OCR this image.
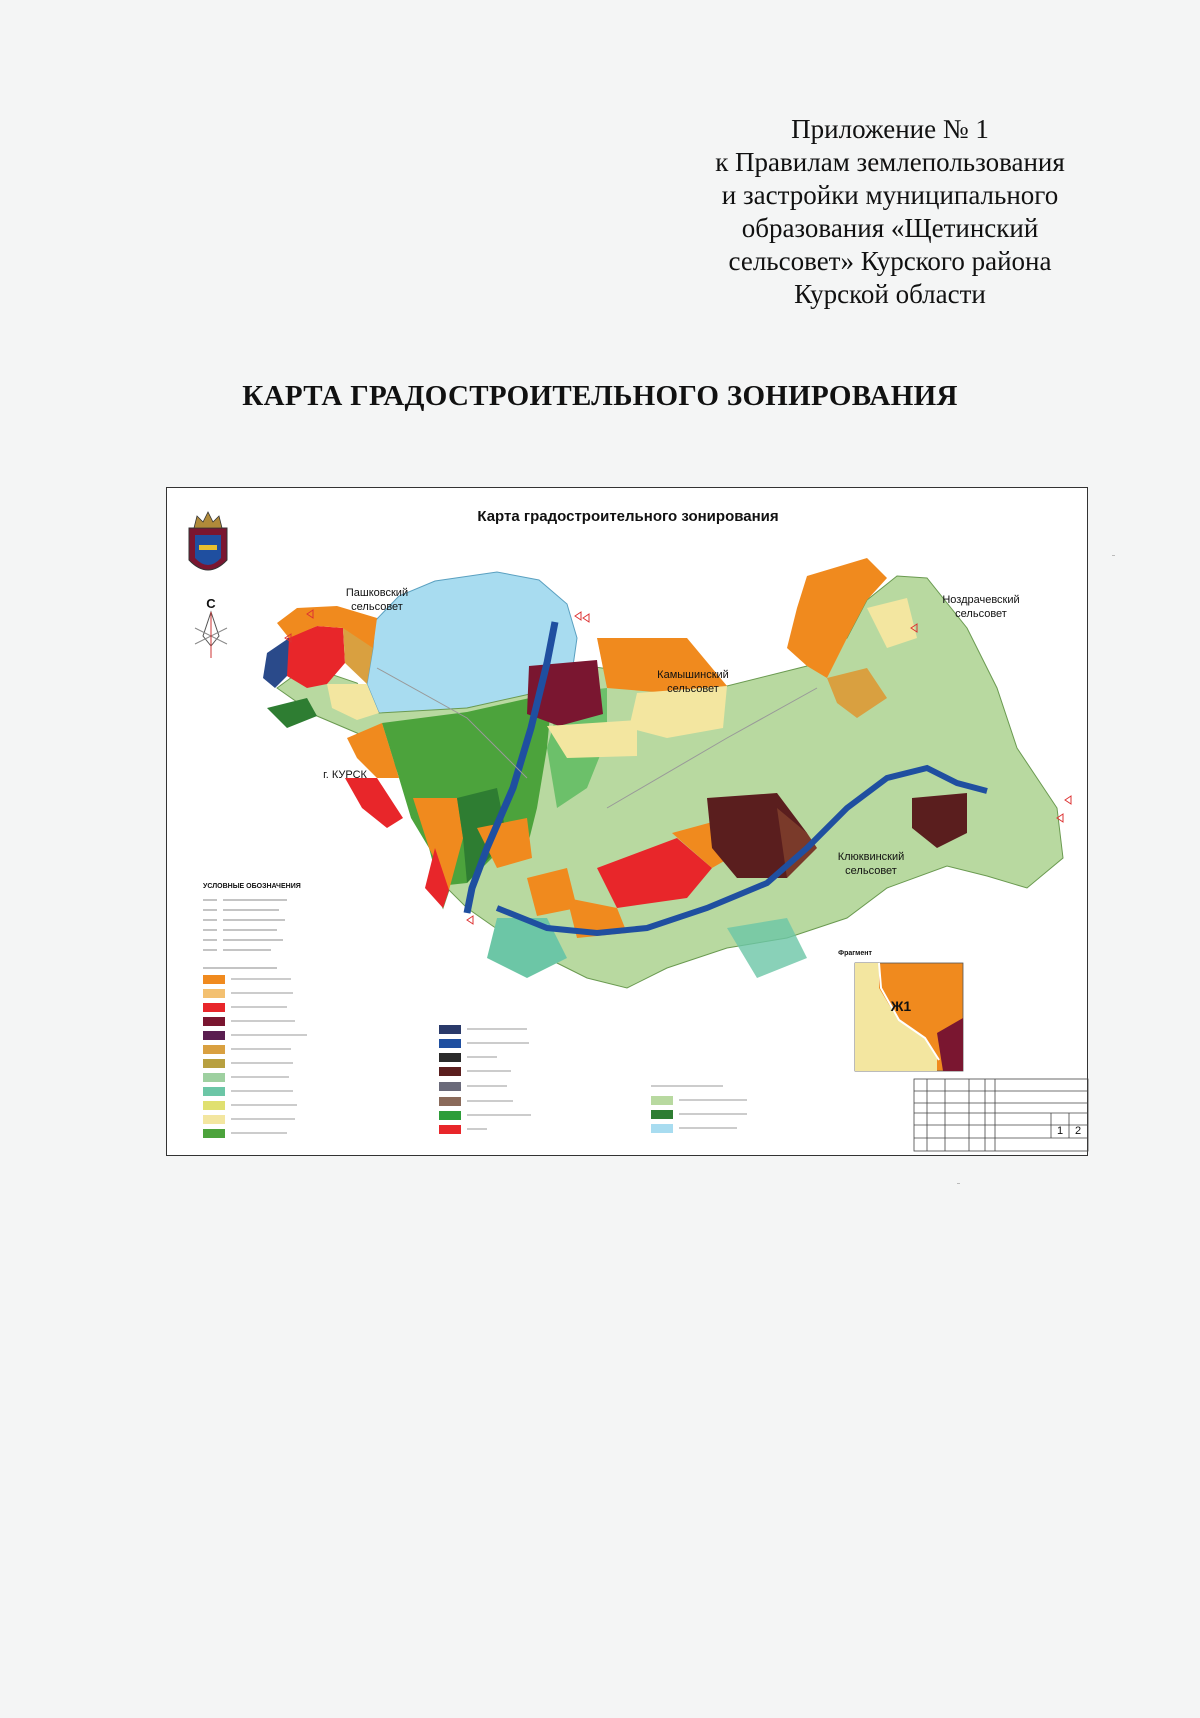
Приложение № 1
к Правилам землепользования
и застройки муниципального
образования «Щетинский
сельсовет» Курского района
Курской области
КАРТА ГРАДОСТРОИТЕЛЬНОГО ЗОНИРОВАНИЯ
Карта градостроительного зонирования
С
Пашковский
сельсовет
Камышинский
сельсовет
Ноздрачевский
сельсовет
Клюквинский
сельсовет
г. КУРСК
УСЛОВНЫЕ ОБОЗНАЧЕНИЯ
Фрагмент
Ж1
1 2
